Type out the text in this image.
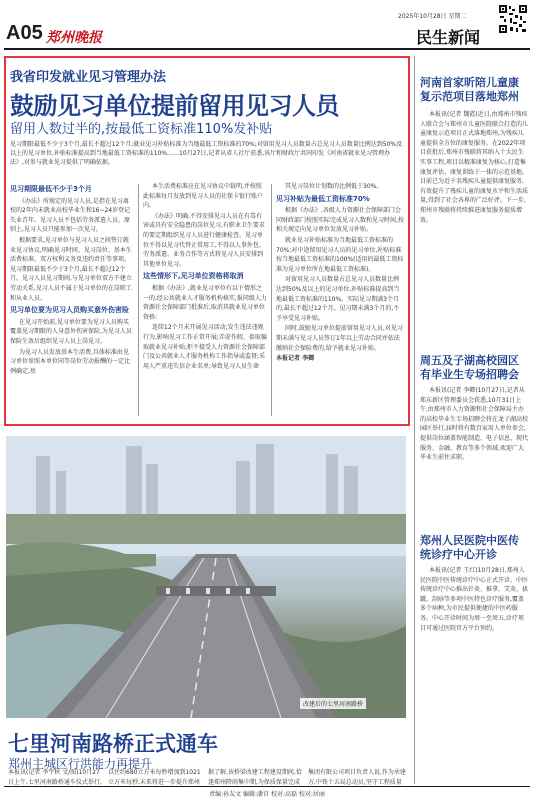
A05 郑州晚报
2025年10月28日 星期二
民生新闻
我省印发就业见习管理办法
鼓励见习单位提前留用见习人员
留用人数过半的,按最低工资标准110%发补贴
见习期限最低不少于3个月,最长不超过12个月;就业见习补贴标准为当地最低工资标准的70%;对留用见习人员数量占总见习人员数量比例达到50%及以上的见习单位,补贴标准提高到当地最低工资标准的110%……10月27日,记者从省人社厅获悉,该厅和财政厅共同印发《河南省就业见习管理办法》,对参与就业见习提供了明确依据。

见习期限最低不少于3个月

《办法》所规定的见习人员,是指在见习离校的2年内未就业高校毕业生和16~24岁登记失业青年。见习人员不包括劳务派遣人员。原则上,见习人员只能参加一次见习。

根据要求,见习单位与见习人员之间签订就业见习协议,明确见习时间、见习岗位、基本生活费标准、双方权利义务及违约责任等事项。见习期限最低不少于3个月,最长不超过12个月。见习人员见习期间,与见习单位双方不建立劳动关系,见习人员不属于见习单位的在岗职工和从业人员。

见习单位要为见习人员购买意外伤害险

在见习开始前,见习单位要为见习人员购买覆盖见习期限的人身意外伤害保险,为见习人员保险生效后组织见习人员上岗见习。

为见习人员发放基本生活费,具体标准由见习单位参照本单位同等岗位劳动报酬的一定比例确定,基

本生活费标准应在见习协议中载明,并按照此标准每月发放到见习人员的社保卡银行账户内。

《办法》明确,不得安排见习人员在有毒有害或具有安全隐患的岗位见习,有职业卫生要求的要定期组织见习人员进行健康检查。见习单位不得以见习代替正常用工,不得以人事外包、劳务派遣、业务合作等方式将见习人员安排到其他单位见习。

这些情形下,见习单位资格将取消

根据《办法》,就业见习单位有以下情形之一的,经公共就业人才服务机构核实,报同级人力资源社会保障部门批准后,取消其就业见习单位资格:

连续12个月未开展见习活动;发生违法违规行为,影响见习工作正常开展;弄虚作假、套取骗取就业见习补贴;拒不接受人力资源社会保障部门及公共就业人才服务机构工作指导或监督;采用人严重违失信企业名单;导致见习人员生命

其见习岗位计划数的比例低于30%。

见习补贴为最低工资标准70%

根据《办法》,各级人力资源社会保障部门会同财政部门按照实际完成见习人数和见习时间,按相关规定向见习单位发放见习补贴。

就业见习补贴标准为当地最低工资标准的70%;对中途留用见习人员的见习单位,补贴标准按当地最低工资标准的100%(适用的最低工资标准为见习单位所在地最低工资标准)。

对留用见习人员数量占总见习人员数量比例达到50%及以上的见习单位,补贴标准提高到当地最低工资标准的110%。实际见习期满3个月的,最长不超过12个月。见习期未满3个月的,不予享受见习补贴。

同时,鼓励见习单位提前留用见习人员,对见习期未满与见习人员签订1年以上劳动合同并依法缴纳社会保险费的,给予就业见习补贴。

本报记者 李卿

改建后的七里河南路桥
七里河南路桥正式通车
郑州主城区行洪能力再提升
本报讯(记者 李宇秋 文/图)10月27日上午,七里河南路桥通车仪式举行,
以往约680立方米每秒增加到1021立方米每秒,未来将进一步提升郑州
据了解,该桥梁改建工程建设期间,恰逢郑州降雨集中期,为保质保量完成
集团有限公司项目负责人说,作为承建方,中铁十五局总动员,坚守工程质量
河南首家昕陪儿童康复示范项目落地郑州
本报讯(记者 魏霞)近日,由郑州市残疾人联合会与郑州市儿童医院联合打造的儿童康复示范项目正式落地郑州,为残疾儿童提供全方位的康复服务。在2022年项目获批后,郑州市残联将其纳入十大民生实事工程,项目以精准康复为核心,打造集康复评估、康复训练于一体的示范基地。目前已为近千名残疾儿童提供康复服务,有效提升了残疾儿童的康复水平和生活质量,得到了社会各界的广泛好评。下一步,郑州市残联将持续推进康复服务提质增效。
周五及子湖高校园区有毕业生专场招聘会
本报讯(记者 李卿)10月27日,记者从郑东新区管理委员会获悉,10月31日上午,由郑州市人力资源和社会保障局主办的高校毕业生专场招聘会将在龙子湖高校园区举行,届时将有数百家用人单位参会,提供岗位涵盖智能制造、电子信息、现代服务、金融、教育等多个领域,欢迎广大毕业生前往求职。
郑州人民医院中医传统诊疗中心开诊
本报讯(记者 王红)10月28日,郑州人民医院中医传统诊疗中心正式开诊。中医传统诊疗中心推出针灸、推拿、艾灸、拔罐、刮痧等多项中医特色诊疗服务,覆盖多个病种,为市民提供便捷的中医药服务。中心开诊时间为周一至周五,诊疗项目可通过医院官方平台预约。
责编:孙友文 编辑:潘宫 校对:高磊 校对:居丽
